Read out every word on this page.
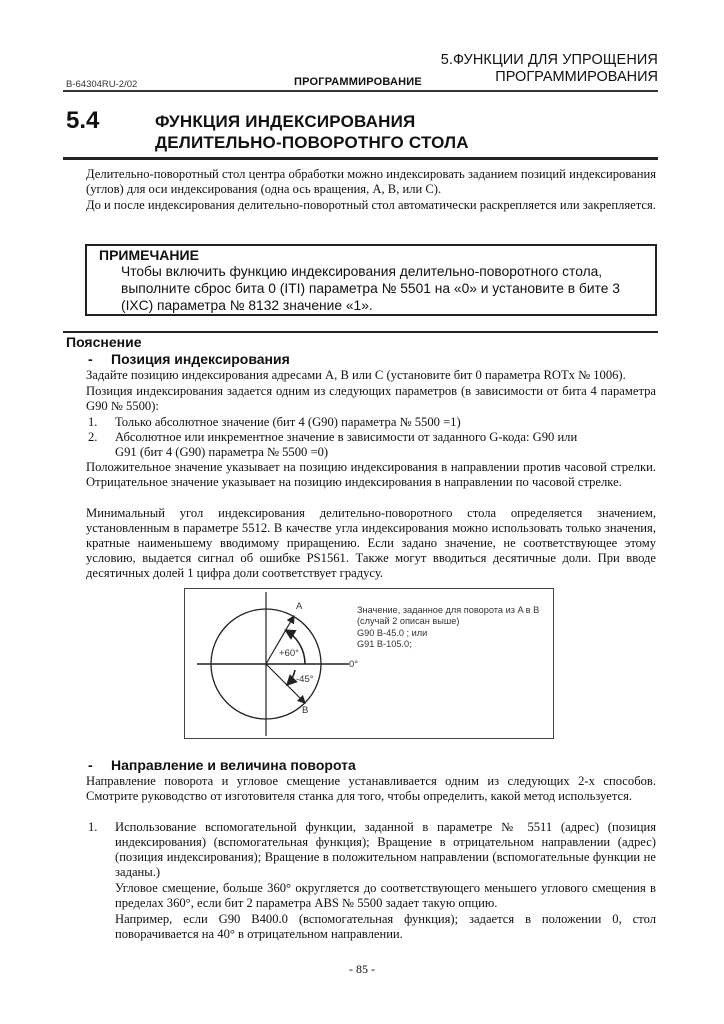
5.ФУНКЦИИ ДЛЯ УПРОЩЕНИЯ
ПРОГРАММИРОВАНИЯ
B-64304RU-2/02	ПРОГРАММИРОВАНИЕ
5.4	ФУНКЦИЯ ИНДЕКСИРОВАНИЯ
ДЕЛИТЕЛЬНО-ПОВОРОТНГО СТОЛА
Делительно-поворотный стол центра обработки можно индексировать заданием позиций индексирования (углов) для оси индексирования (одна ось вращения, A, B, или C).
До и после индексирования делительно-поворотный стол автоматически раскрепляется или закрепляется.
ПРИМЕЧАНИЕ
Чтобы включить функцию индексирования делительно-поворотного стола, выполните сброс бита 0 (ITI) параметра № 5501 на «0» и установите в бите 3 (IXC) параметра № 8132 значение «1».
Пояснение
- Позиция индексирования
Задайте позицию индексирования адресами A, B или C (установите бит 0 параметра ROTx № 1006).
Позиция индексирования задается одним из следующих параметров (в зависимости от бита 4 параметра G90 № 5500):
1. Только абсолютное значение (бит 4 (G90) параметра № 5500 =1)
2. Абсолютное или инкрементное значение в зависимости от заданного G-кода: G90 или G91 (бит 4 (G90) параметра № 5500 =0)
Положительное значение указывает на позицию индексирования в направлении против часовой стрелки. Отрицательное значение указывает на позицию индексирования в направлении по часовой стрелке.
Минимальный угол индексирования делительно-поворотного стола определяется значением, установленным в параметре 5512. В качестве угла индексирования можно использовать только значения, кратные наименьшему вводимому приращению. Если задано значение, не соответствующее этому условию, выдается сигнал об ошибке PS1561. Также могут вводиться десятичные доли. При вводе десятичных долей 1 цифра доли соответствует градусу.
A
B
0°
+60°
-45°
Значение, заданное для поворота из A в B
(случай 2 описан выше)
G90 B-45.0 ; или
G91 B-105.0;
- Направление и величина поворота
Направление поворота и угловое смещение устанавливается одним из следующих 2-х способов. Смотрите руководство от изготовителя станка для того, чтобы определить, какой метод используется.
1. Использование вспомогательной функции, заданной в параметре № 5511 (адрес) (позиция индексирования) (вспомогательная функция); Вращение в отрицательном направлении (адрес) (позиция индексирования); Вращение в положительном направлении (вспомогательные функции не заданы.)
Угловое смещение, больше 360° округляется до соответствующего меньшего углового смещения в пределах 360°, если бит 2 параметра ABS № 5500 задает такую опцию.
Например, если G90 B400.0 (вспомогательная функция); задается в положении 0, стол поворачивается на 40° в отрицательном направлении.
- 85 -
